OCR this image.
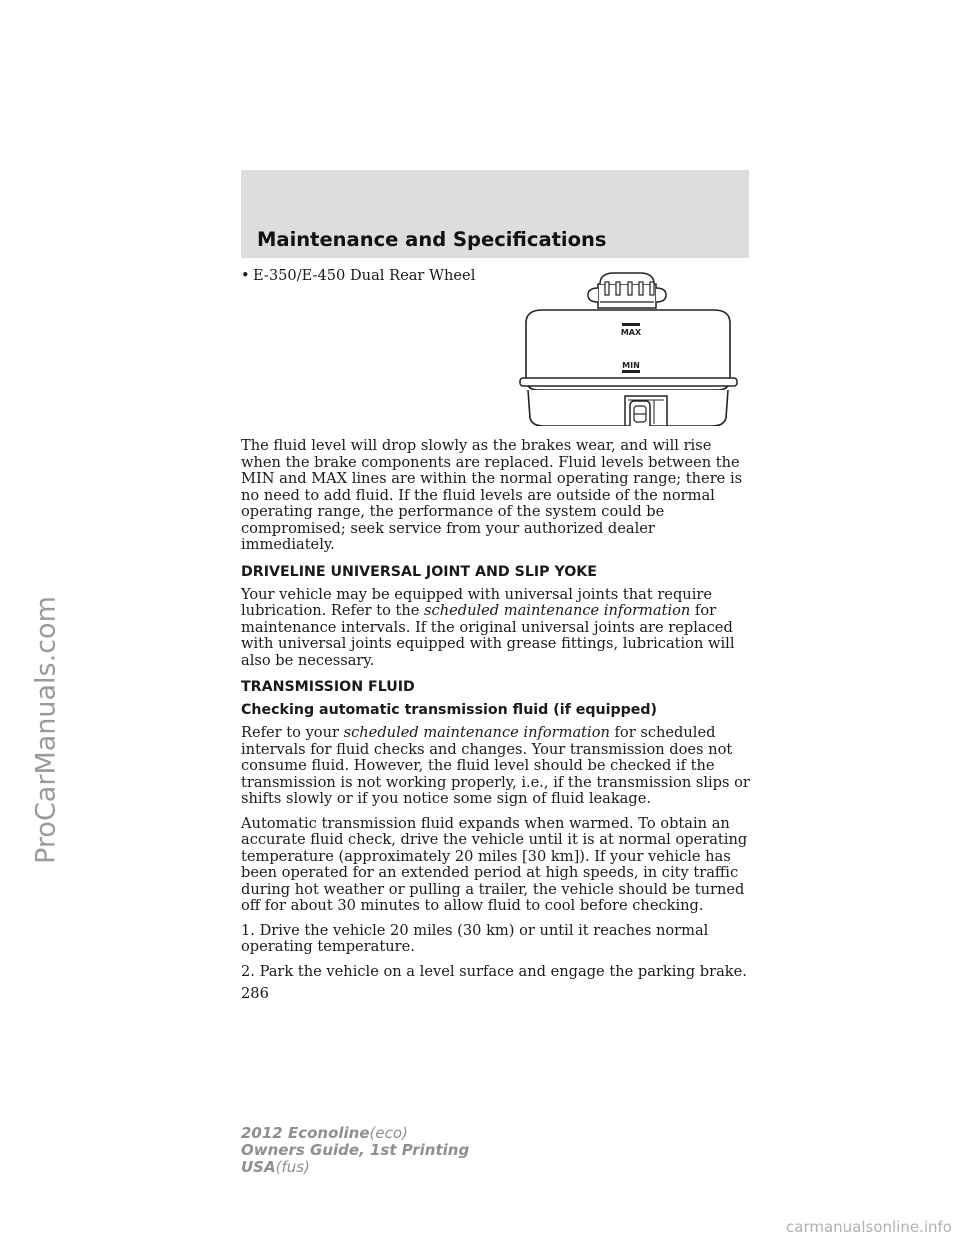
Maintenance and Specifications
• E-350/E-450 Dual Rear Wheel
MAX
MIN

The fluid level will drop slowly as the brakes wear, and will rise when the brake components are replaced. Fluid levels between the MIN and MAX lines are within the normal operating range; there is no need to add fluid. If the fluid levels are outside of the normal operating range, the performance of the system could be compromised; seek service from your authorized dealer immediately.

DRIVELINE UNIVERSAL JOINT AND SLIP YOKE

Your vehicle may be equipped with universal joints that require lubrication. Refer to the scheduled maintenance information for maintenance intervals. If the original universal joints are replaced with universal joints equipped with grease fittings, lubrication will also be necessary.

TRANSMISSION FLUID
Checking automatic transmission fluid (if equipped)

Refer to your scheduled maintenance information for scheduled intervals for fluid checks and changes. Your transmission does not consume fluid. However, the fluid level should be checked if the transmission is not working properly, i.e., if the transmission slips or shifts slowly or if you notice some sign of fluid leakage.

Automatic transmission fluid expands when warmed. To obtain an accurate fluid check, drive the vehicle until it is at normal operating temperature (approximately 20 miles [30 km]). If your vehicle has been operated for an extended period at high speeds, in city traffic during hot weather or pulling a trailer, the vehicle should be turned off for about 30 minutes to allow fluid to cool before checking.

1. Drive the vehicle 20 miles (30 km) or until it reaches normal operating temperature.

2. Park the vehicle on a level surface and engage the parking brake.

286
ProCarManuals.com
2012 Econoline(eco)
Owners Guide, 1st Printing
USA(fus)
carmanualsonline.info
